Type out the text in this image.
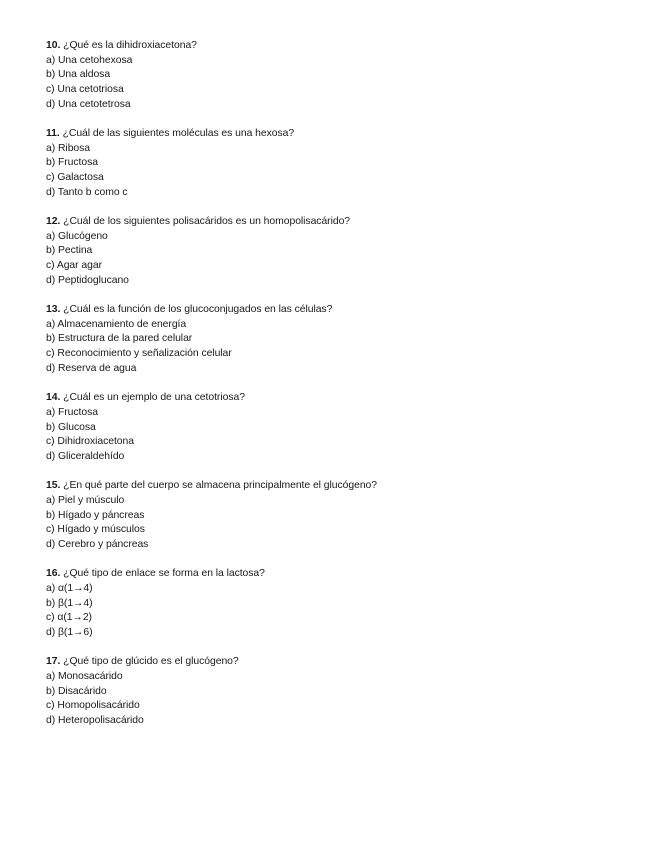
10. ¿Qué es la dihidroxiacetona?
a) Una cetohexosa
b) Una aldosa
c) Una cetotriosa
d) Una cetotetrosa
11. ¿Cuál de las siguientes moléculas es una hexosa?
a) Ribosa
b) Fructosa
c) Galactosa
d) Tanto b como c
12. ¿Cuál de los siguientes polisacáridos es un homopolisacárido?
a) Glucógeno
b) Pectina
c) Agar agar
d) Peptidoglucano
13. ¿Cuál es la función de los glucoconjugados en las células?
a) Almacenamiento de energía
b) Estructura de la pared celular
c) Reconocimiento y señalización celular
d) Reserva de agua
14. ¿Cuál es un ejemplo de una cetotriosa?
a) Fructosa
b) Glucosa
c) Dihidroxiacetona
d) Gliceraldehído
15. ¿En qué parte del cuerpo se almacena principalmente el glucógeno?
a) Piel y músculo
b) Hígado y páncreas
c) Hígado y músculos
d) Cerebro y páncreas
16. ¿Qué tipo de enlace se forma en la lactosa?
a) α(1→4)
b) β(1→4)
c) α(1→2)
d) β(1→6)
17. ¿Qué tipo de glúcido es el glucógeno?
a) Monosacárido
b) Disacárido
c) Homopolisacárido
d) Heteropolisacárido
